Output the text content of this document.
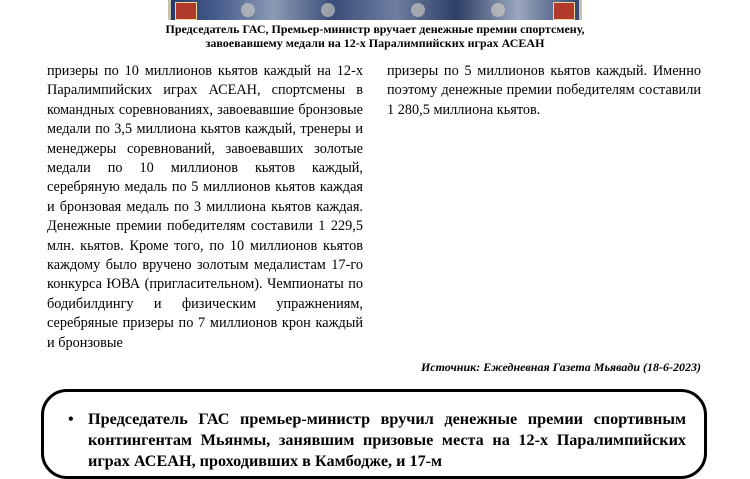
Председатель ГАС, Премьер-министр вручает денежные премии спортсмену,
завоевавшему медали на 12-х Паралимпийских играх АСЕАН
призеры по 10 миллионов кьятов каждый на 12-х Паралимпийских играх АСЕАН, спортсмены в командных соревнованиях, завоевавшие бронзовые медали по 3,5 миллиона кьятов каждый, тренеры и менеджеры соревнований, завоевавших золотые медали по 10 миллионов кьятов каждый, серебряную медаль по 5 миллионов кьятов каждая и бронзовая медаль по 3 миллиона кьятов каждая. Денежные премии победителям составили 1 229,5 млн. кьятов. Кроме того, по 10 миллионов кьятов каждому было вручено золотым медалистам 17-го конкурса ЮВА (пригласительном). Чемпионаты по бодибилдингу и физическим упражнениям, серебряные призеры по 7 миллионов крон каждый и бронзовые
призеры по 5 миллионов кьятов каждый. Именно поэтому денежные премии победителям составили 1 280,5 миллиона кьятов.
Источник: Ежедневная Газета Мьявади (18-6-2023)
• Председатель ГАС премьер-министр вручил денежные премии спортивным контингентам Мьянмы, занявшим призовые места на 12-х Паралимпийских играх АСЕАН, проходивших в Камбодже, и 17-м
